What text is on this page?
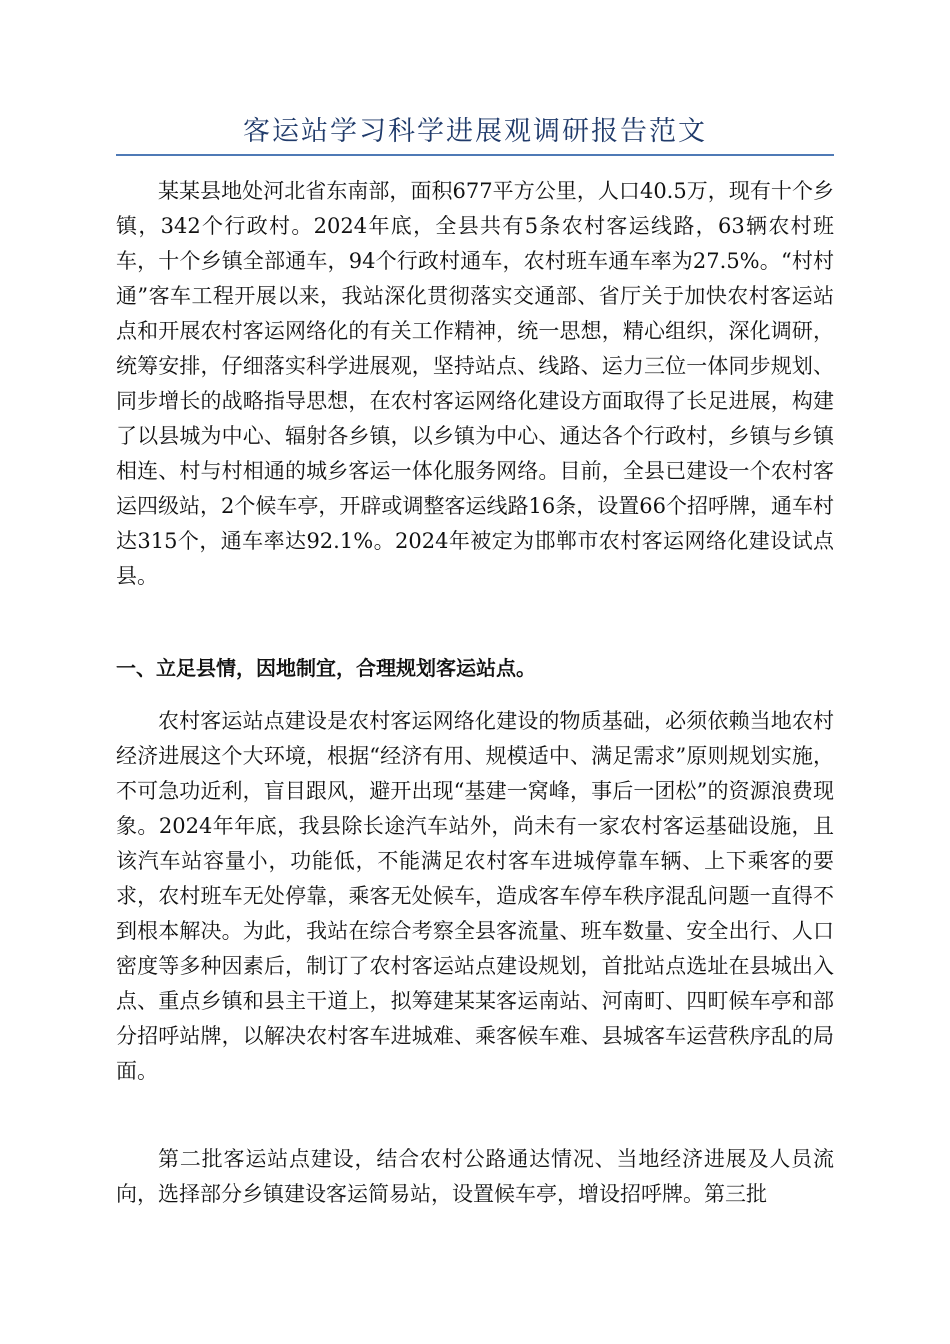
客运站学习科学进展观调研报告范文

某某县地处河北省东南部，面积677平方公里，人口40.5万，现有十个乡镇，342个行政村。2024年底，全县共有5条农村客运线路，63辆农村班车，十个乡镇全部通车，94个行政村通车，农村班车通车率为27.5%。“村村通”客车工程开展以来，我站深化贯彻落实交通部、省厅关于加快农村客运站点和开展农村客运网络化的有关工作精神，统一思想，精心组织，深化调研，统筹安排，仔细落实科学进展观，坚持站点、线路、运力三位一体同步规划、同步增长的战略指导思想，在农村客运网络化建设方面取得了长足进展，构建了以县城为中心、辐射各乡镇，以乡镇为中心、通达各个行政村，乡镇与乡镇相连、村与村相通的城乡客运一体化服务网络。目前，全县已建设一个农村客运四级站，2个候车亭，开辟或调整客运线路16条，设置66个招呼牌，通车村达315个，通车率达92.1%。2024年被定为邯郸市农村客运网络化建设试点县。

一、立足县情，因地制宜，合理规划客运站点。

农村客运站点建设是农村客运网络化建设的物质基础，必须依赖当地农村经济进展这个大环境，根据“经济有用、规模适中、满足需求”原则规划实施，不可急功近利，盲目跟风，避开出现“基建一窝峰，事后一团松”的资源浪费现象。2024年年底，我县除长途汽车站外，尚未有一家农村客运基础设施，且该汽车站容量小，功能低，不能满足农村客车进城停靠车辆、上下乘客的要求，农村班车无处停靠，乘客无处候车，造成客车停车秩序混乱问题一直得不到根本解决。为此，我站在综合考察全县客流量、班车数量、安全出行、人口密度等多种因素后，制订了农村客运站点建设规划，首批站点选址在县城出入点、重点乡镇和县主干道上，拟筹建某某客运南站、河南町、四町候车亭和部分招呼站牌，以解决农村客车进城难、乘客候车难、县城客车运营秩序乱的局面。

第二批客运站点建设，结合农村公路通达情况、当地经济进展及人员流向，选择部分乡镇建设客运简易站，设置候车亭，增设招呼牌。第三批
